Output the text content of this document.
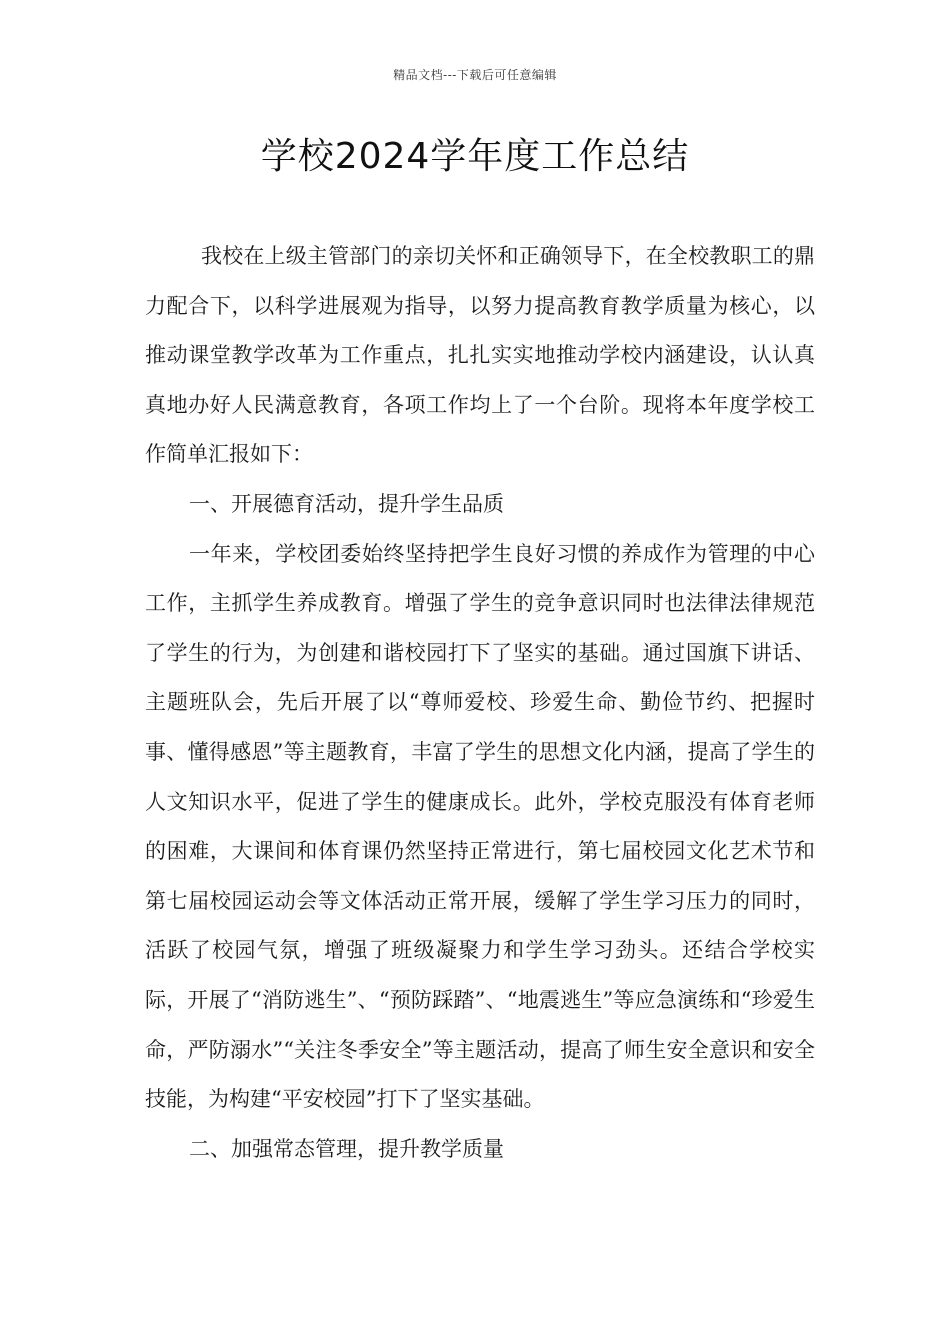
精品文档---下载后可任意编辑
学校2024学年度工作总结

我校在上级主管部门的亲切关怀和正确领导下，在全校教职工的鼎力配合下，以科学进展观为指导，以努力提高教育教学质量为核心，以推动课堂教学改革为工作重点，扎扎实实地推动学校内涵建设，认认真真地办好人民满意教育，各项工作均上了一个台阶。现将本年度学校工作简单汇报如下：

一、开展德育活动，提升学生品质

一年来，学校团委始终坚持把学生良好习惯的养成作为管理的中心工作，主抓学生养成教育。增强了学生的竞争意识同时也法律法律规范了学生的行为，为创建和谐校园打下了坚实的基础。通过国旗下讲话、主题班队会，先后开展了以“尊师爱校、珍爱生命、勤俭节约、把握时事、懂得感恩”等主题教育，丰富了学生的思想文化内涵，提高了学生的人文知识水平，促进了学生的健康成长。此外，学校克服没有体育老师的困难，大课间和体育课仍然坚持正常进行，第七届校园文化艺术节和第七届校园运动会等文体活动正常开展，缓解了学生学习压力的同时，活跃了校园气氛，增强了班级凝聚力和学生学习劲头。还结合学校实际，开展了“消防逃生”、“预防踩踏”、“地震逃生”等应急演练和“珍爱生命，严防溺水”“关注冬季安全”等主题活动，提高了师生安全意识和安全技能，为构建“平安校园”打下了坚实基础。

二、加强常态管理，提升教学质量
